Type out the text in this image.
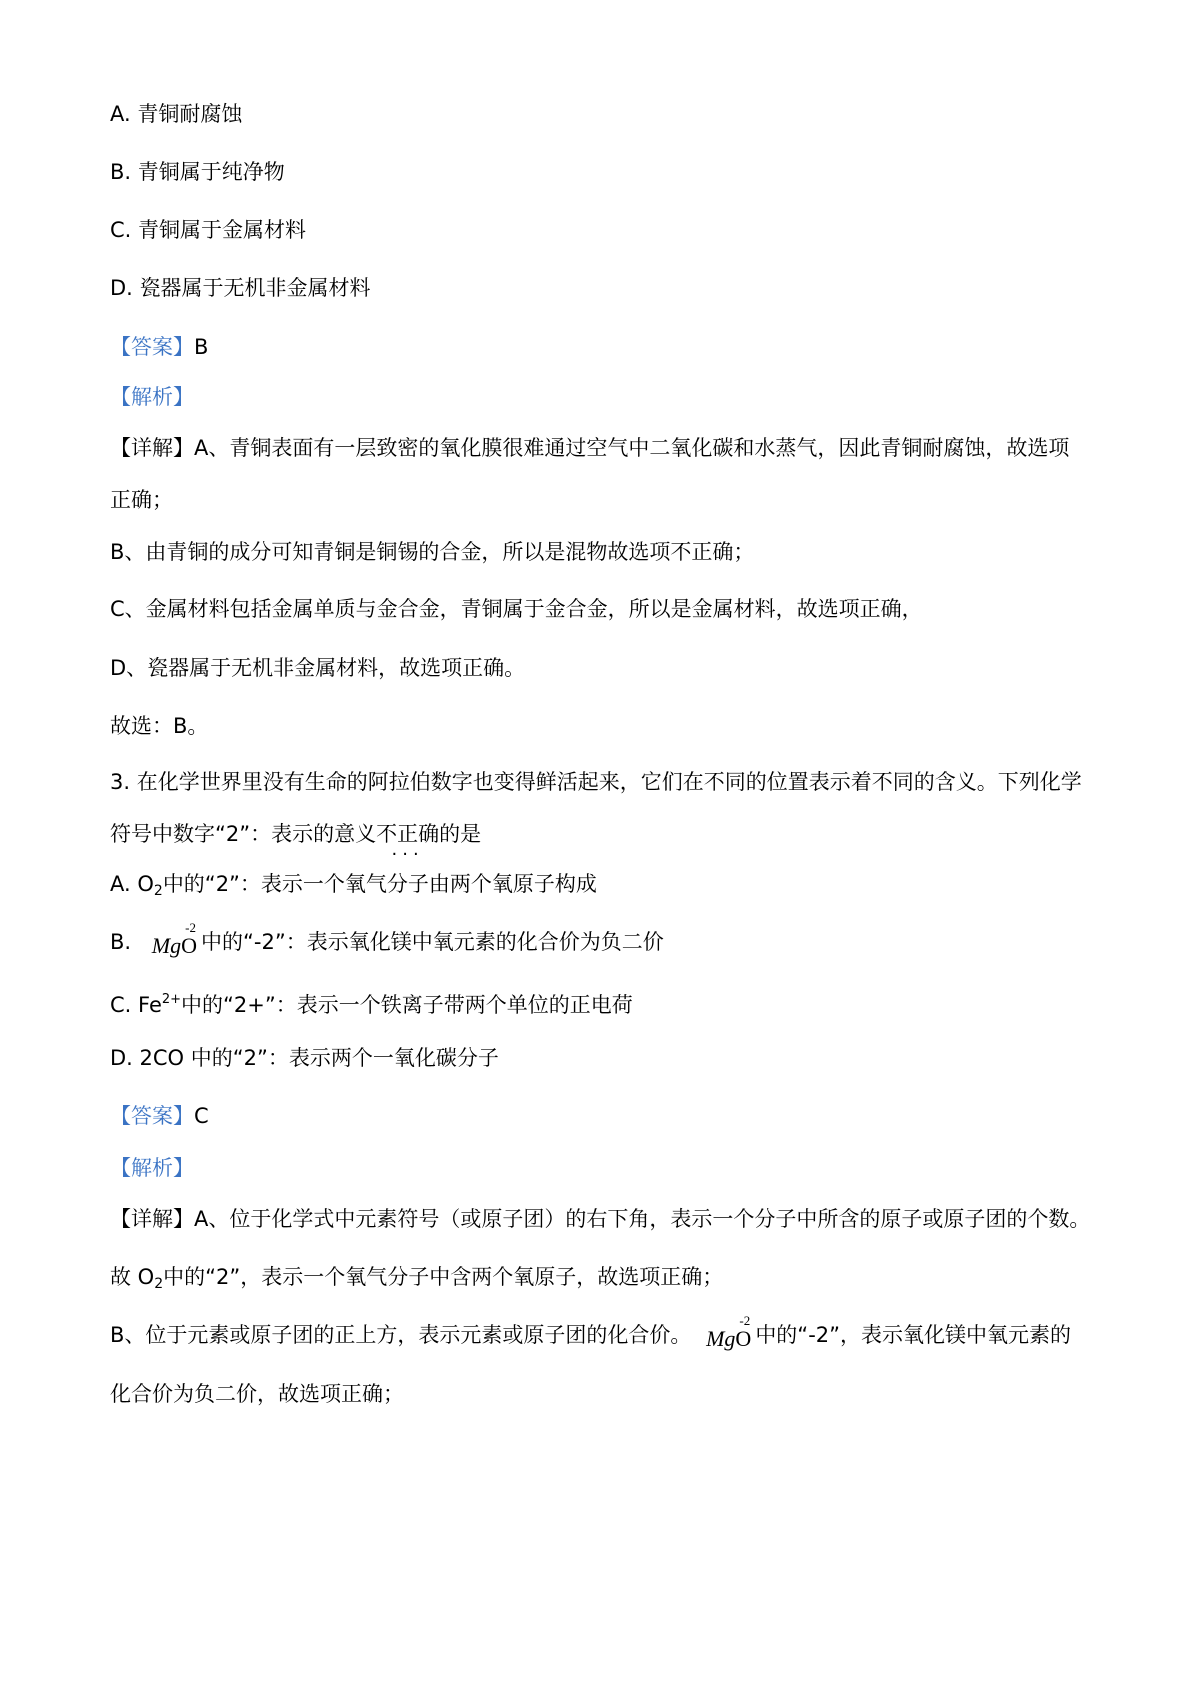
A. 青铜耐腐蚀
B. 青铜属于纯净物
C. 青铜属于金属材料
D. 瓷器属于无机非金属材料
【答案】B
【解析】
【详解】A、青铜表面有一层致密的氧化膜很难通过空气中二氧化碳和水蒸气，因此青铜耐腐蚀，故选项
正确；
B、由青铜的成分可知青铜是铜锡的合金，所以是混物故选项不正确；
C、金属材料包括金属单质与金合金，青铜属于金合金，所以是金属材料，故选项正确，
D、瓷器属于无机非金属材料，故选项正确。
故选：B。
3. 在化学世界里没有生命的阿拉伯数字也变得鲜活起来，它们在不同的位置表示着不同的含义。下列化学
符号中数字“2”：表示的意义不正确
···
的是
A. $O_2$中的“2”：表示一个氧气分子由两个氧原子构成
B. Mg
-2
O 中的“-2”：表示氧化镁中氧元素的化合价为负二价
C. $Fe^{2+}$中的“2+”：表示一个铁离子带两个单位的正电荷
D. 2CO 中的“2”：表示两个一氧化碳分子
【答案】C
【解析】
【详解】A、位于化学式中元素符号（或原子团）的右下角，表示一个分子中所含的原子或原子团的个数。
故 $O_2$中的“2”，表示一个氧气分子中含两个氧原子，故选项正确；
B、位于元素或原子团的正上方，表示元素或原子团的化合价。 Mg
-2
O 中的“-2”，表示氧化镁中氧元素的
化合价为负二价，故选项正确；
